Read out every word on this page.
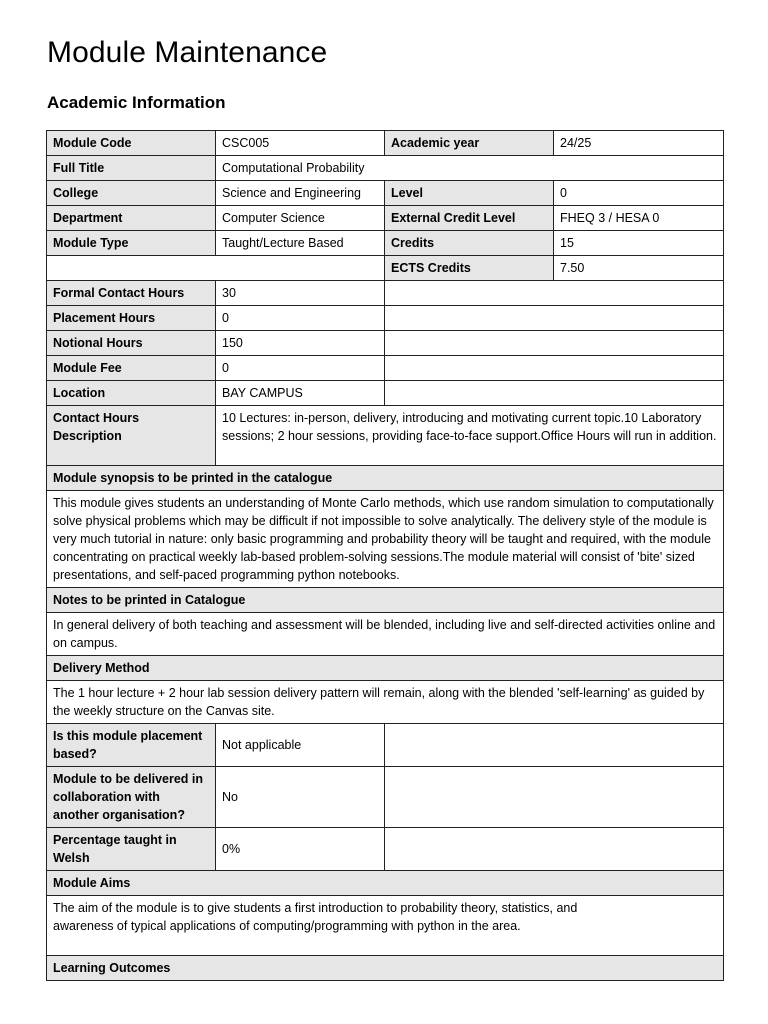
Module Maintenance
Academic Information
Module Code	CSC005	Academic year	24/25
Full Title	Computational Probability		
College	Science and Engineering	Level	0
Department	Computer Science	External Credit Level	FHEQ 3 / HESA 0
Module Type	Taught/Lecture Based	Credits	15
		ECTS Credits	7.50
Formal Contact Hours	30		
Placement Hours	0		
Notional Hours	150		
Module Fee	0		
Location	BAY CAMPUS		
Contact Hours Description	10 Lectures: in-person, delivery, introducing and motivating current topic.10 Laboratory sessions; 2 hour sessions, providing face-to-face support.Office Hours will run in addition.		
Module synopsis to be printed in the catalogue			
This module gives students an understanding of Monte Carlo methods, which use random simulation to computationally solve physical problems which may be difficult if not impossible to solve analytically. The delivery style of the module is very much tutorial in nature: only basic programming and probability theory will be taught and required, with the module concentrating on practical weekly lab-based problem-solving sessions.The module material will consist of 'bite' sized presentations, and self-paced programming python notebooks.			
Notes to be printed in Catalogue			
In general delivery of both teaching and assessment will be blended, including live and self-directed activities online and on campus.			
Delivery Method			
The 1 hour lecture + 2 hour lab session delivery pattern will remain, along with the blended 'self-learning' as guided by the weekly structure on the Canvas site.			
Is this module placement based?	Not applicable		
Module to be delivered in collaboration with another organisation?	No		
Percentage taught in Welsh	0%		
Module Aims			
The aim of the module is to give students a first introduction to probability theory, statistics, and
awareness of typical applications of computing/programming with python in the area.			
Learning Outcomes			
